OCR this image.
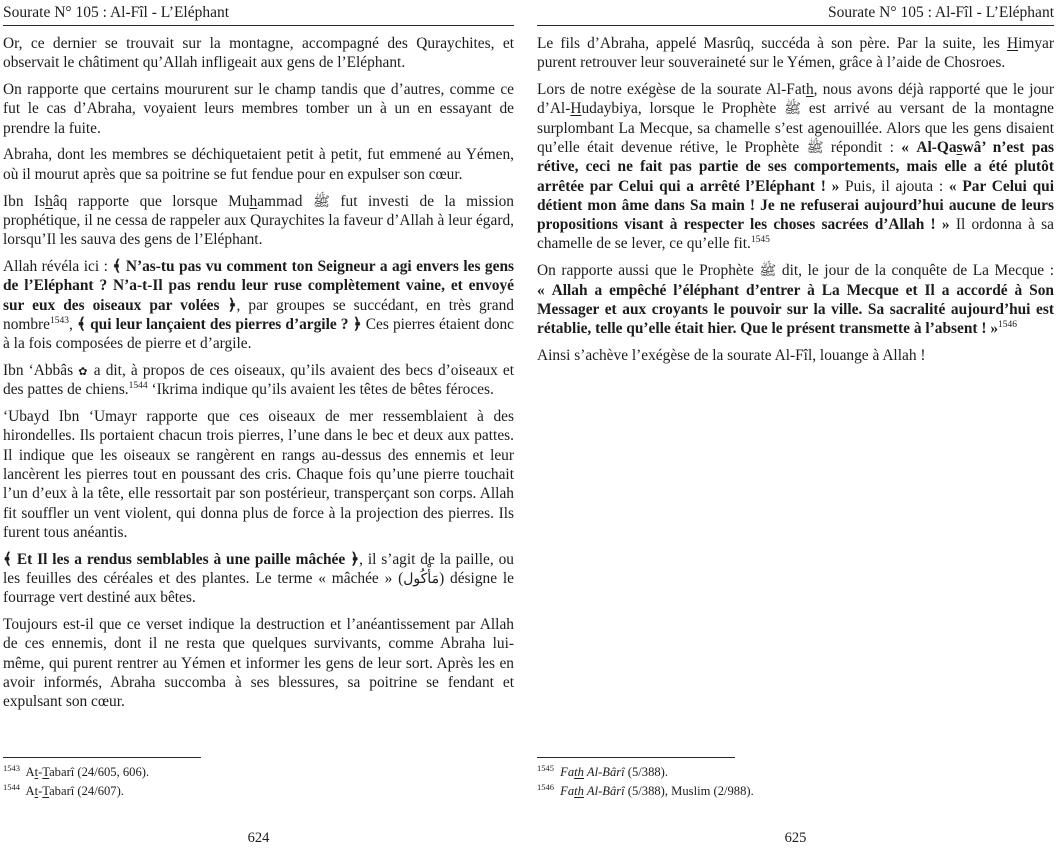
Sourate N° 105 : Al-Fîl - L’Eléphant

Or, ce dernier se trouvait sur la montagne, accompagné des Quraychites, et observait le châtiment qu’Allah infligeait aux gens de l’Eléphant.

On rapporte que certains moururent sur le champ tandis que d’autres, comme ce fut le cas d’Abraha, voyaient leurs membres tomber un à un en essayant de prendre la fuite.

Abraha, dont les membres se déchiquetaient petit à petit, fut emmené au Yémen, où il mourut après que sa poitrine se fut fendue pour en expulser son cœur.

Ibn Ishâq rapporte que lorsque Muhammad ﷺ fut investi de la mission prophétique, il ne cessa de rappeler aux Quraychites la faveur d’Allah à leur égard, lorsqu’Il les sauva des gens de l’Eléphant.

Allah révéla ici : ﴾ N’as-tu pas vu comment ton Seigneur a agi envers les gens de l’Eléphant ? N’a-t-Il pas rendu leur ruse complètement vaine, et envoyé sur eux des oiseaux par volées ﴿, par groupes se succédant, en très grand nombre$^{1543}$, ﴾ qui leur lançaient des pierres d’argile ? ﴿ Ces pierres étaient donc à la fois composées de pierre et d’argile.

Ibn ‘Abbâs ✿ a dit, à propos de ces oiseaux, qu’ils avaient des becs d’oiseaux et des pattes de chiens.$^{1544}$ ‘Ikrima indique qu’ils avaient les têtes de bêtes féroces.

‘Ubayd Ibn ‘Umayr rapporte que ces oiseaux de mer ressemblaient à des hirondelles. Ils portaient chacun trois pierres, l’une dans le bec et deux aux pattes. Il indique que les oiseaux se rangèrent en rangs au-dessus des ennemis et leur lancèrent les pierres tout en poussant des cris. Chaque fois qu’une pierre touchait l’un d’eux à la tête, elle ressortait par son postérieur, transperçant son corps. Allah fit souffler un vent violent, qui donna plus de force à la projection des pierres. Ils furent tous anéantis.

﴾ Et Il les a rendus semblables à une paille mâchée ﴿, il s’agit de la paille, ou les feuilles des céréales et des plantes. Le terme « mâchée » (مَأْكُول) désigne le fourrage vert destiné aux bêtes.

Toujours est-il que ce verset indique la destruction et l’anéantissement par Allah de ces ennemis, dont il ne resta que quelques survivants, comme Abraha lui-même, qui purent rentrer au Yémen et informer les gens de leur sort. Après les en avoir informés, Abraha succomba à ses blessures, sa poitrine se fendant et expulsant son cœur.

$^{1543}$ At-Tabarî (24/605, 606).

$^{1544}$ At-Tabarî (24/607).

624
Sourate N° 105 : Al-Fîl - L’Eléphant

Le fils d’Abraha, appelé Masrûq, succéda à son père. Par la suite, les Himyar purent retrouver leur souveraineté sur le Yémen, grâce à l’aide de Chosroes.

Lors de notre exégèse de la sourate Al-Fath, nous avons déjà rapporté que le jour d’Al-Hudaybiya, lorsque le Prophète ﷺ est arrivé au versant de la montagne surplombant La Mecque, sa chamelle s’est agenouillée. Alors que les gens disaient qu’elle était devenue rétive, le Prophète ﷺ répondit : « Al-Qaswâ’ n’est pas rétive, ceci ne fait pas partie de ses comportements, mais elle a été plutôt arrêtée par Celui qui a arrêté l’Eléphant ! » Puis, il ajouta : « Par Celui qui détient mon âme dans Sa main ! Je ne refuserai aujourd’hui aucune de leurs propositions visant à respecter les choses sacrées d’Allah ! » Il ordonna à sa chamelle de se lever, ce qu’elle fit.$^{1545}$

On rapporte aussi que le Prophète ﷺ dit, le jour de la conquête de La Mecque : « Allah a empêché l’éléphant d’entrer à La Mecque et Il a accordé à Son Messager et aux croyants le pouvoir sur la ville. Sa sacralité aujourd’hui est rétablie, telle qu’elle était hier. Que le présent transmette à l’absent ! »$^{1546}$

Ainsi s’achève l’exégèse de la sourate Al-Fîl, louange à Allah !

$^{1545}$ Fath Al-Bârî (5/388).

$^{1546}$ Fath Al-Bârî (5/388), Muslim (2/988).

625
